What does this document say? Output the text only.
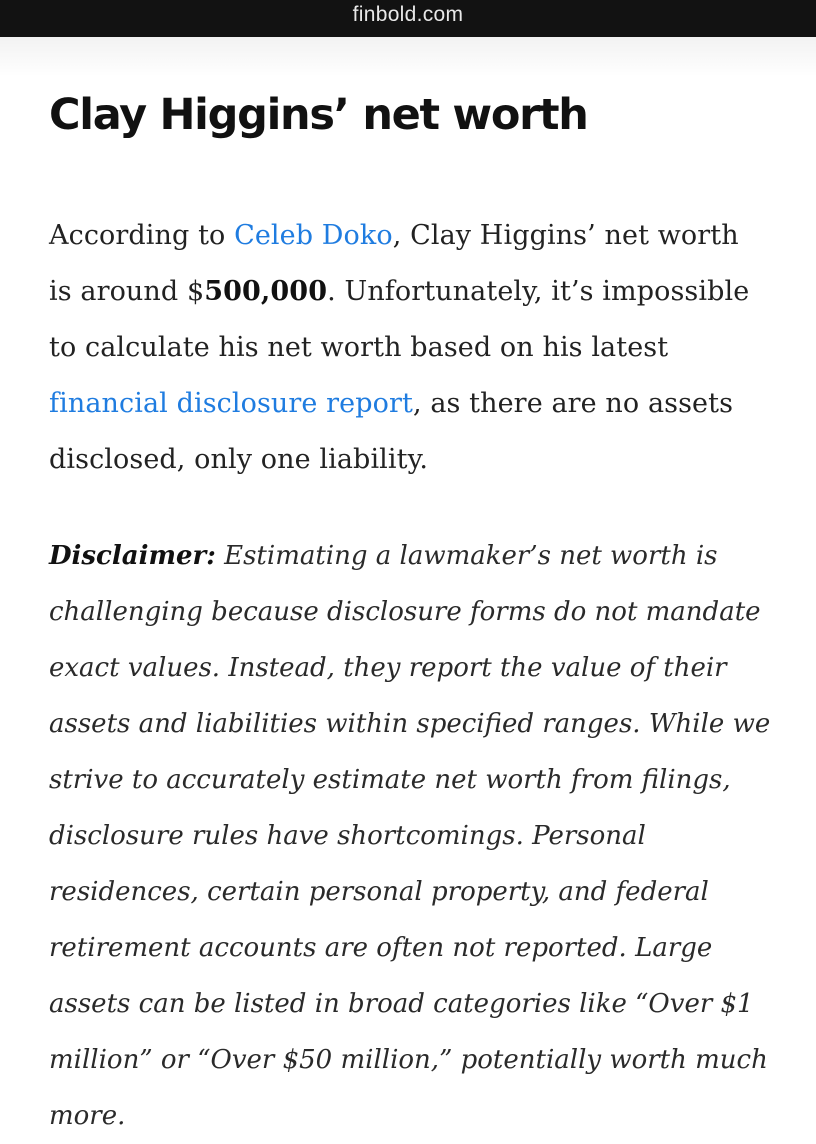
finbold.com
Clay Higgins’ net worth

According to Celeb Doko, Clay Higgins’ net worth is around $500,000. Unfortunately, it’s impossible to calculate his net worth based on his latest financial disclosure report, as there are no assets disclosed, only one liability.

Disclaimer: Estimating a lawmaker’s net worth is challenging because disclosure forms do not mandate exact values. Instead, they report the value of their assets and liabilities within specified ranges. While we strive to accurately estimate net worth from filings, disclosure rules have shortcomings. Personal residences, certain personal property, and federal retirement accounts are often not reported. Large assets can be listed in broad categories like “Over $1 million” or “Over $50 million,” potentially worth much more.
